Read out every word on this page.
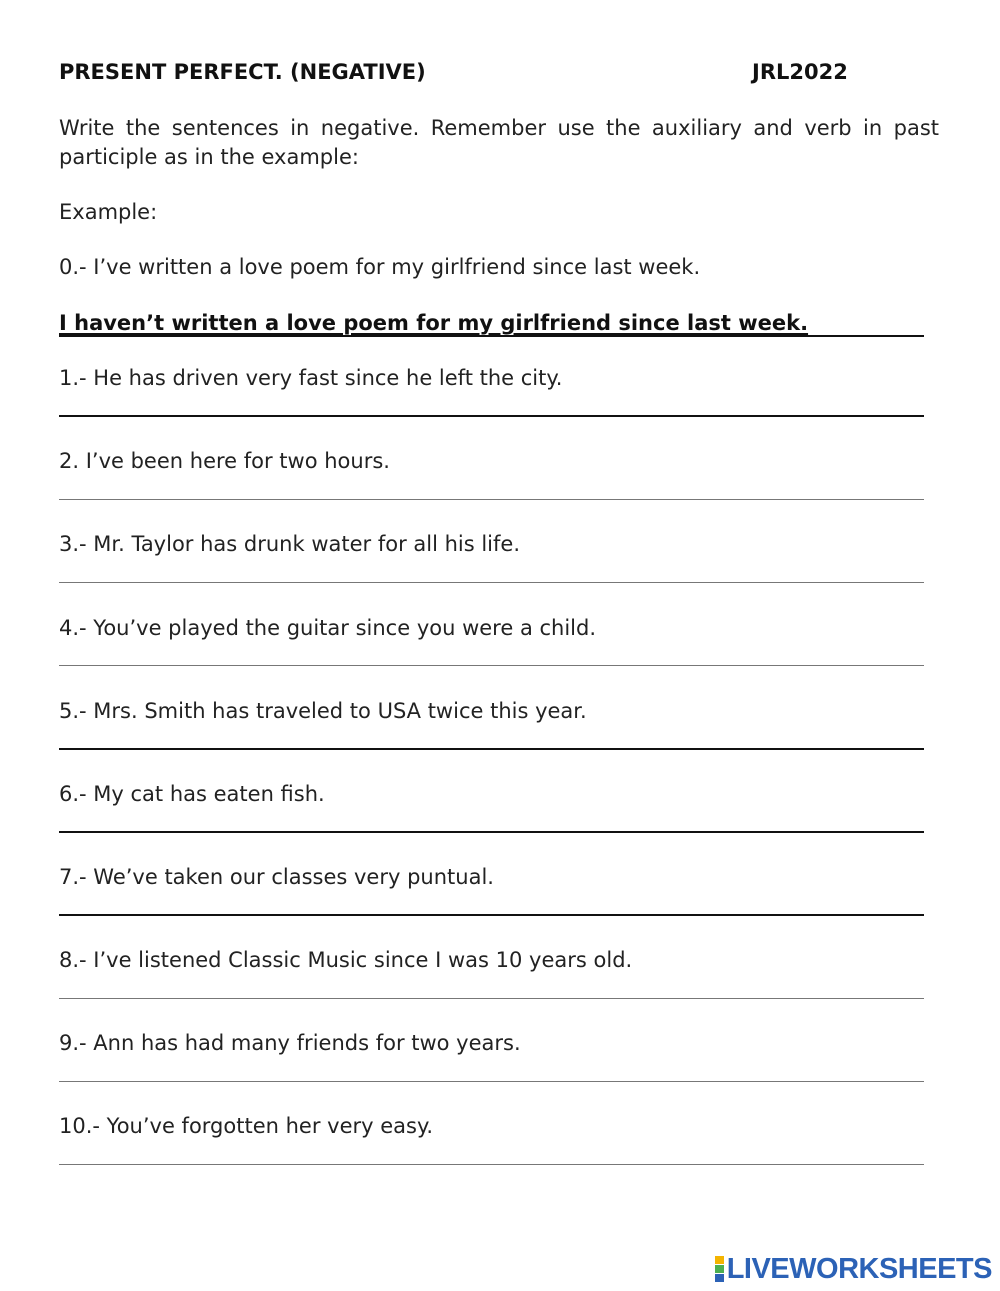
PRESENT PERFECT. (NEGATIVE)	JRL2022
Write the sentences in negative. Remember use the auxiliary and verb in past participle as in the example:
Example:
0.- I’ve written a love poem for my girlfriend since last week.
I haven’t written a love poem for my girlfriend since last week.
1.- He has driven very fast since he left the city.
2. I’ve been here for two hours.
3.- Mr. Taylor has drunk water for all his life.
4.- You’ve played the guitar since you were a child.
5.- Mrs. Smith has traveled to USA twice this year.
6.- My cat has eaten fish.
7.- We’ve taken our classes very puntual.
8.- I’ve listened Classic Music since I was 10 years old.
9.- Ann has had many friends for two years.
10.- You’ve forgotten her very easy.
LIVEWORKSHEETS
